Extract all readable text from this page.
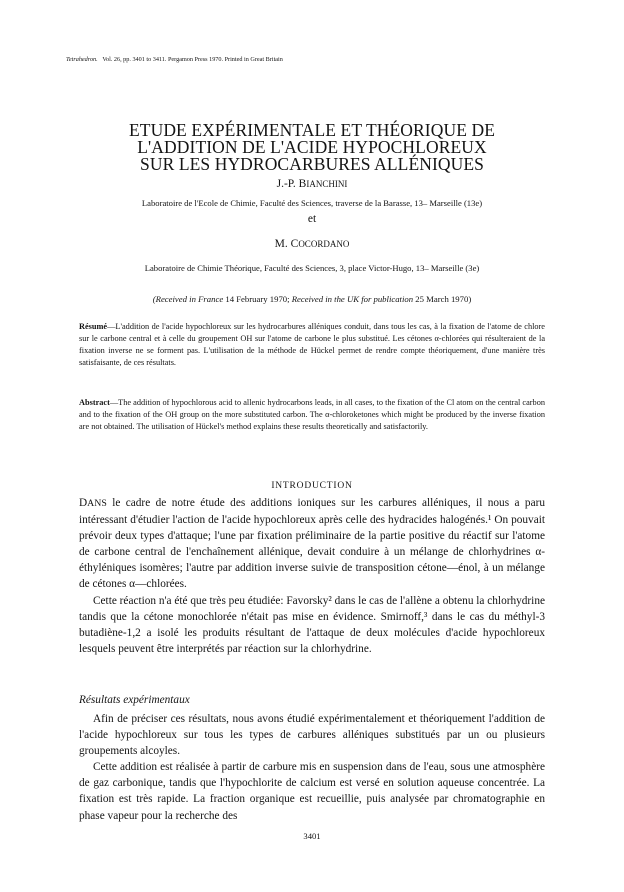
Tetrahedron. Vol. 26, pp. 3401 to 3411. Pergamon Press 1970. Printed in Great Britain
ETUDE EXPÉRIMENTALE ET THÉORIQUE DE
L'ADDITION DE L'ACIDE HYPOCHLOREUX
SUR LES HYDROCARBURES ALLÉNIQUES
J.-P. BIANCHINI
Laboratoire de l'Ecole de Chimie, Faculté des Sciences, traverse de la Barasse, 13– Marseille (13e)
et
M. COCORDANO
Laboratoire de Chimie Théorique, Faculté des Sciences, 3, place Victor-Hugo, 13– Marseille (3e)
(Received in France 14 February 1970; Received in the UK for publication 25 March 1970)
Résumé—L'addition de l'acide hypochloreux sur les hydrocarbures alléniques conduit, dans tous les cas, à la fixation de l'atome de chlore sur le carbone central et à celle du groupement OH sur l'atome de carbone le plus substitué. Les cétones α-chlorées qui résulteraient de la fixation inverse ne se forment pas. L'utilisation de la méthode de Hückel permet de rendre compte théoriquement, d'une manière très satisfaisante, de ces résultats.
Abstract—The addition of hypochlorous acid to allenic hydrocarbons leads, in all cases, to the fixation of the Cl atom on the central carbon and to the fixation of the OH group on the more substituted carbon. The α-chloroketones which might be produced by the inverse fixation are not obtained. The utilisation of Hückel's method explains these results theoretically and satisfactorily.
INTRODUCTION

DANS le cadre de notre étude des additions ioniques sur les carbures alléniques, il nous a paru intéressant d'étudier l'action de l'acide hypochloreux après celle des hydracides halogénés.¹ On pouvait prévoir deux types d'attaque; l'une par fixation préliminaire de la partie positive du réactif sur l'atome de carbone central de l'enchaînement allénique, devait conduire à un mélange de chlorhydrines α-éthyléniques isomères; l'autre par addition inverse suivie de transposition cétone—énol, à un mélange de cétones α—chlorées.

Cette réaction n'a été que très peu étudiée: Favorsky² dans le cas de l'allène a obtenu la chlorhydrine tandis que la cétone monochlorée n'était pas mise en évidence. Smirnoff,³ dans le cas du méthyl-3 butadiène-1,2 a isolé les produits résultant de l'attaque de deux molécules d'acide hypochloreux lesquels peuvent être interprétés par réaction sur la chlorhydrine.

Résultats expérimentaux

Afin de préciser ces résultats, nous avons étudié expérimentalement et théoriquement l'addition de l'acide hypochloreux sur tous les types de carbures alléniques substitués par un ou plusieurs groupements alcoyles.

Cette addition est réalisée à partir de carbure mis en suspension dans de l'eau, sous une atmosphère de gaz carbonique, tandis que l'hypochlorite de calcium est versé en solution aqueuse concentrée. La fixation est très rapide. La fraction organique est recueillie, puis analysée par chromatographie en phase vapeur pour la recherche des

3401
